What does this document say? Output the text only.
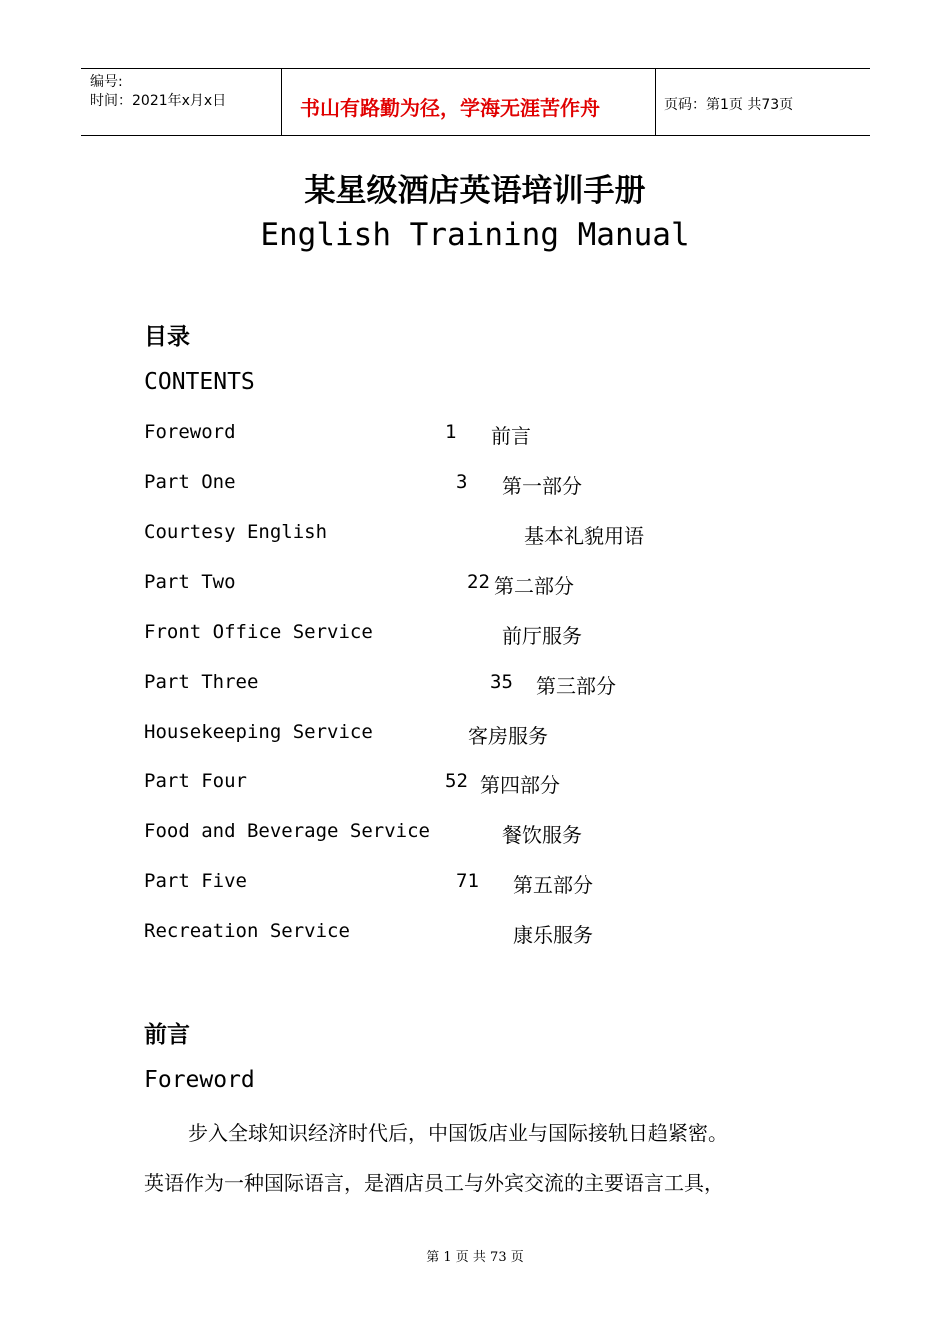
编号:
时间：2021年x月x日	书山有路勤为径，学海无涯苦作舟	页码：第1页 共73页
某星级酒店英语培训手册
English Training Manual
目录
CONTENTS
Foreword	1 前言
Part One	3 第一部分
Courtesy English	基本礼貌用语
Part Two	22 第二部分
Front Office Service	前厅服务
Part Three	35 第三部分
Housekeeping Service	客房服务
Part Four	52 第四部分
Food and Beverage Service	餐饮服务
Part Five	71 第五部分
Recreation Service	康乐服务
前言
Foreword
步入全球知识经济时代后，中国饭店业与国际接轨日趋紧密。
英语作为一种国际语言，是酒店员工与外宾交流的主要语言工具，
第 1 页 共 73 页
